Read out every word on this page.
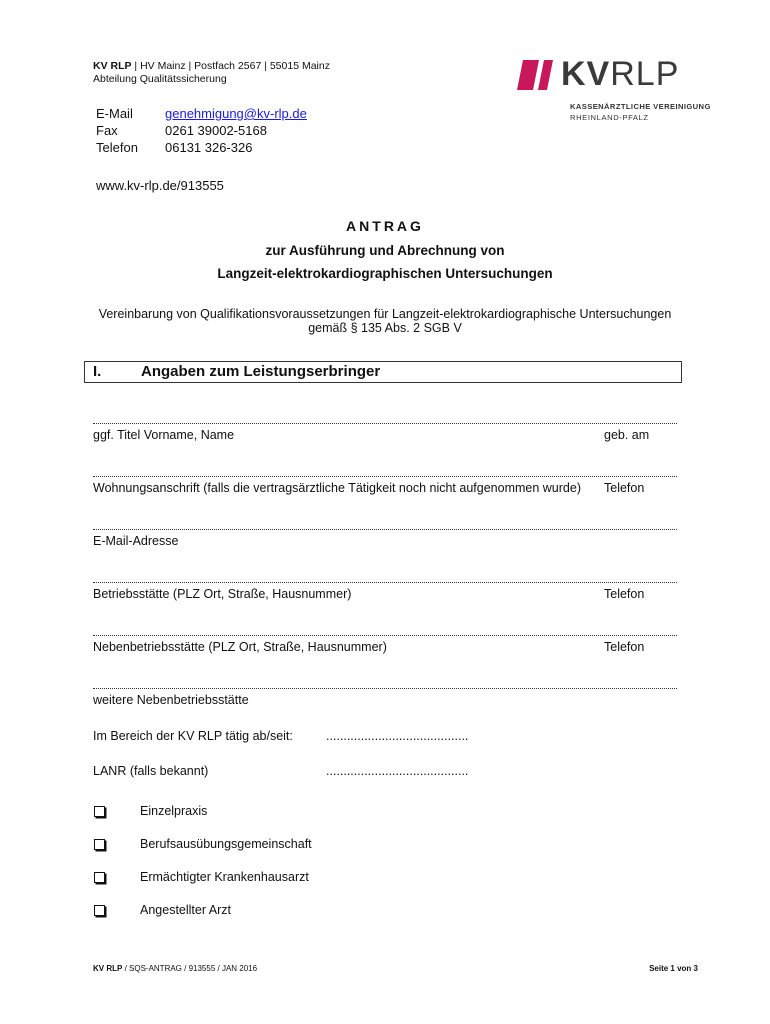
KV RLP | HV Mainz | Postfach 2567 | 55015 Mainz
Abteilung Qualitätssicherung
E-Mail genehmigung@kv-rlp.de
Fax	0261 39002-5168
Telefon 06131 326-326
www.kv-rlp.de/913555
KVRLP
KASSENÄRZTLICHE VEREINIGUNG
RHEINLAND-PFALZ
ANTRAG
zur Ausführung und Abrechnung von
Langzeit-elektrokardiographischen Untersuchungen
Vereinbarung von Qualifikationsvoraussetzungen für Langzeit-elektrokardiographische Untersuchungen
gemäß § 135 Abs. 2 SGB V
I.	Angaben zum Leistungserbringer
ggf. Titel Vorname, Name	geb. am
Wohnungsanschrift (falls die vertragsärztliche Tätigkeit noch nicht aufgenommen wurde) Telefon
E-Mail-Adresse
Betriebsstätte (PLZ Ort, Straße, Hausnummer)	Telefon
Nebenbetriebsstätte (PLZ Ort, Straße, Hausnummer)	Telefon
weitere Nebenbetriebsstätte
Im Bereich der KV RLP tätig ab/seit:	.........................................
LANR (falls bekannt)	.........................................
Einzelpraxis
Berufsausübungsgemeinschaft
Ermächtigter Krankenhausarzt
Angestellter Arzt
KV RLP / SQS-ANTRAG / 913555 / JAN 2016	Seite 1 von 3
